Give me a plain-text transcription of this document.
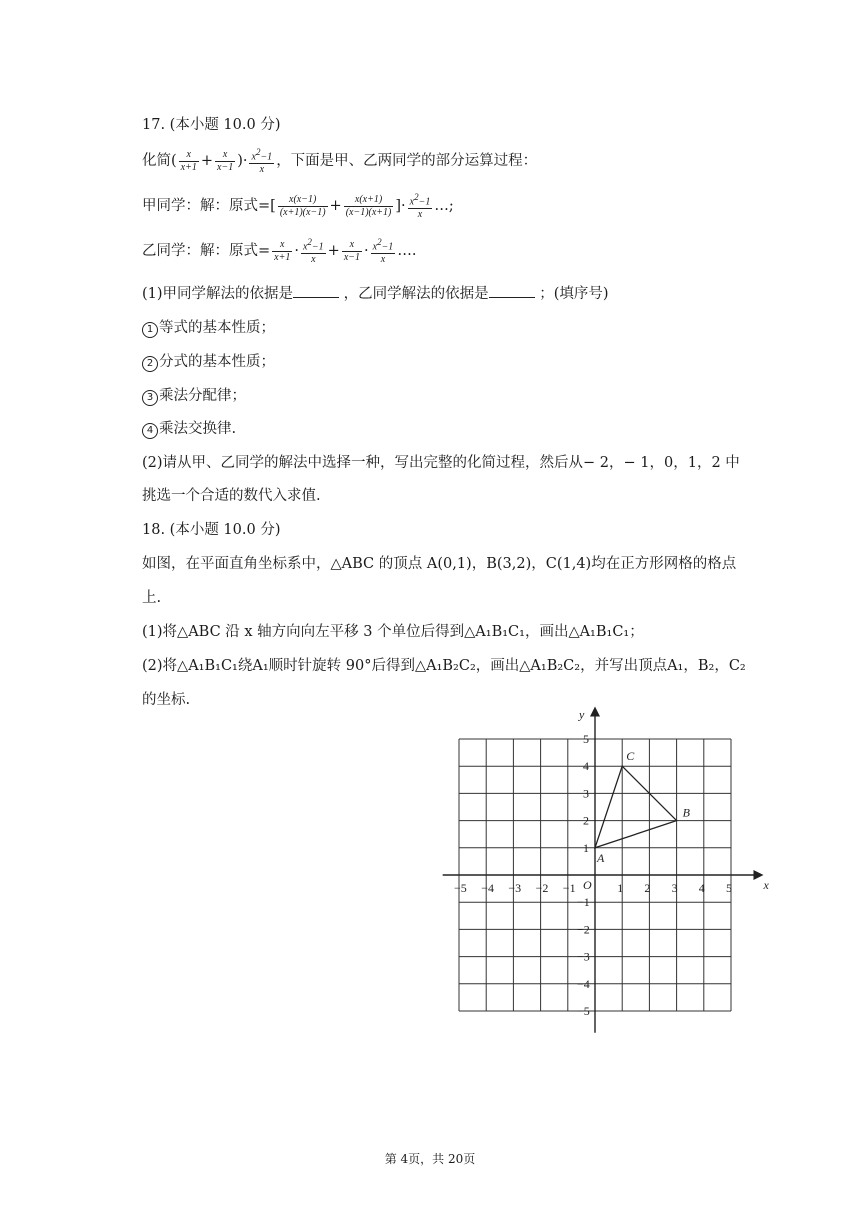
17. (本小题 10.0 分)
化简( $\frac{x}{x+1} + \frac{x}{x-1}$ )· $\frac{x^2-1}{x}$ ，下面是甲、乙两同学的部分运算过程：
甲同学：解：原式=[ $\frac{x(x-1)}{(x+1)(x-1)} + \frac{x(x+1)}{(x-1)(x+1)}$ ]· $\frac{x^2-1}{x}$ …;
乙同学：解：原式= $\frac{x}{x+1} \cdot \frac{x^2-1}{x} + \frac{x}{x-1} \cdot \frac{x^2-1}{x}$ ….
(1)甲同学解法的依据是	，乙同学解法的依据是	；(填序号)
1 等式的基本性质；
2 分式的基本性质；
3 乘法分配律；
4 乘法交换律.
(2)请从甲、乙同学的解法中选择一种，写出完整的化简过程，然后从− 2，− 1，0，1，2 中
挑选一个合适的数代入求值.
18. (本小题 10.0 分)
如图，在平面直角坐标系中，△ABC 的顶点 A(0,1)，B(3,2)，C(1,4)均在正方形网格的格点
上.
(1)将△ABC 沿 x 轴方向向左平移 3 个单位后得到△A₁B₁C₁，画出△A₁B₁C₁；
(2)将△A₁B₁C₁绕A₁顺时针旋转 90°后得到△A₁B₂C₂，画出△A₁B₂C₂，并写出顶点A₁，B₂，C₂
的坐标.
x
y
O
−5 −4 −3 −2 −1	1 2 3 4 5
5
4
3
2
1
−1
−2
−3
−4
−5
A
B
C
第 4页，共 20页
